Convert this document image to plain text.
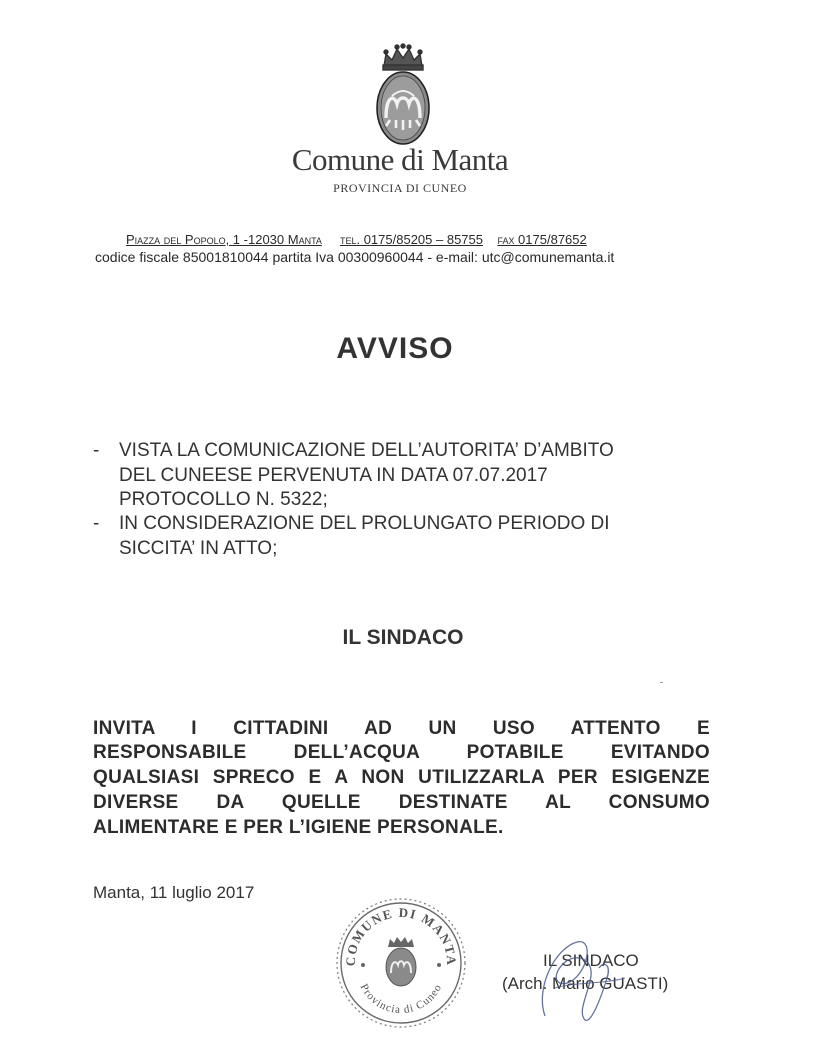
Comune di Manta
PROVINCIA DI CUNEO
Piazza del Popolo, 1 -12030 Manta tel. 0175/85205 – 85755 fax 0175/87652
codice fiscale 85001810044 partita Iva 00300960044 - e-mail: utc@comunemanta.it
AVVISO
- VISTA LA COMUNICAZIONE DELL’AUTORITA’ D’AMBITO
DEL CUNEESE PERVENUTA IN DATA 07.07.2017
PROTOCOLLO N. 5322;
- IN CONSIDERAZIONE DEL PROLUNGATO PERIODO DI
SICCITA’ IN ATTO;
IL SINDACO
INVITA I CITTADINI AD UN USO ATTENTO E
RESPONSABILE DELL’ACQUA POTABILE EVITANDO
QUALSIASI SPRECO E A NON UTILIZZARLA PER ESIGENZE
DIVERSE DA QUELLE DESTINATE AL CONSUMO
ALIMENTARE E PER L’IGIENE PERSONALE.
Manta, 11 luglio 2017
COMUNE DI MANTA
Provincia di Cuneo
IL SINDACO
(Arch. Mario GUASTI)
